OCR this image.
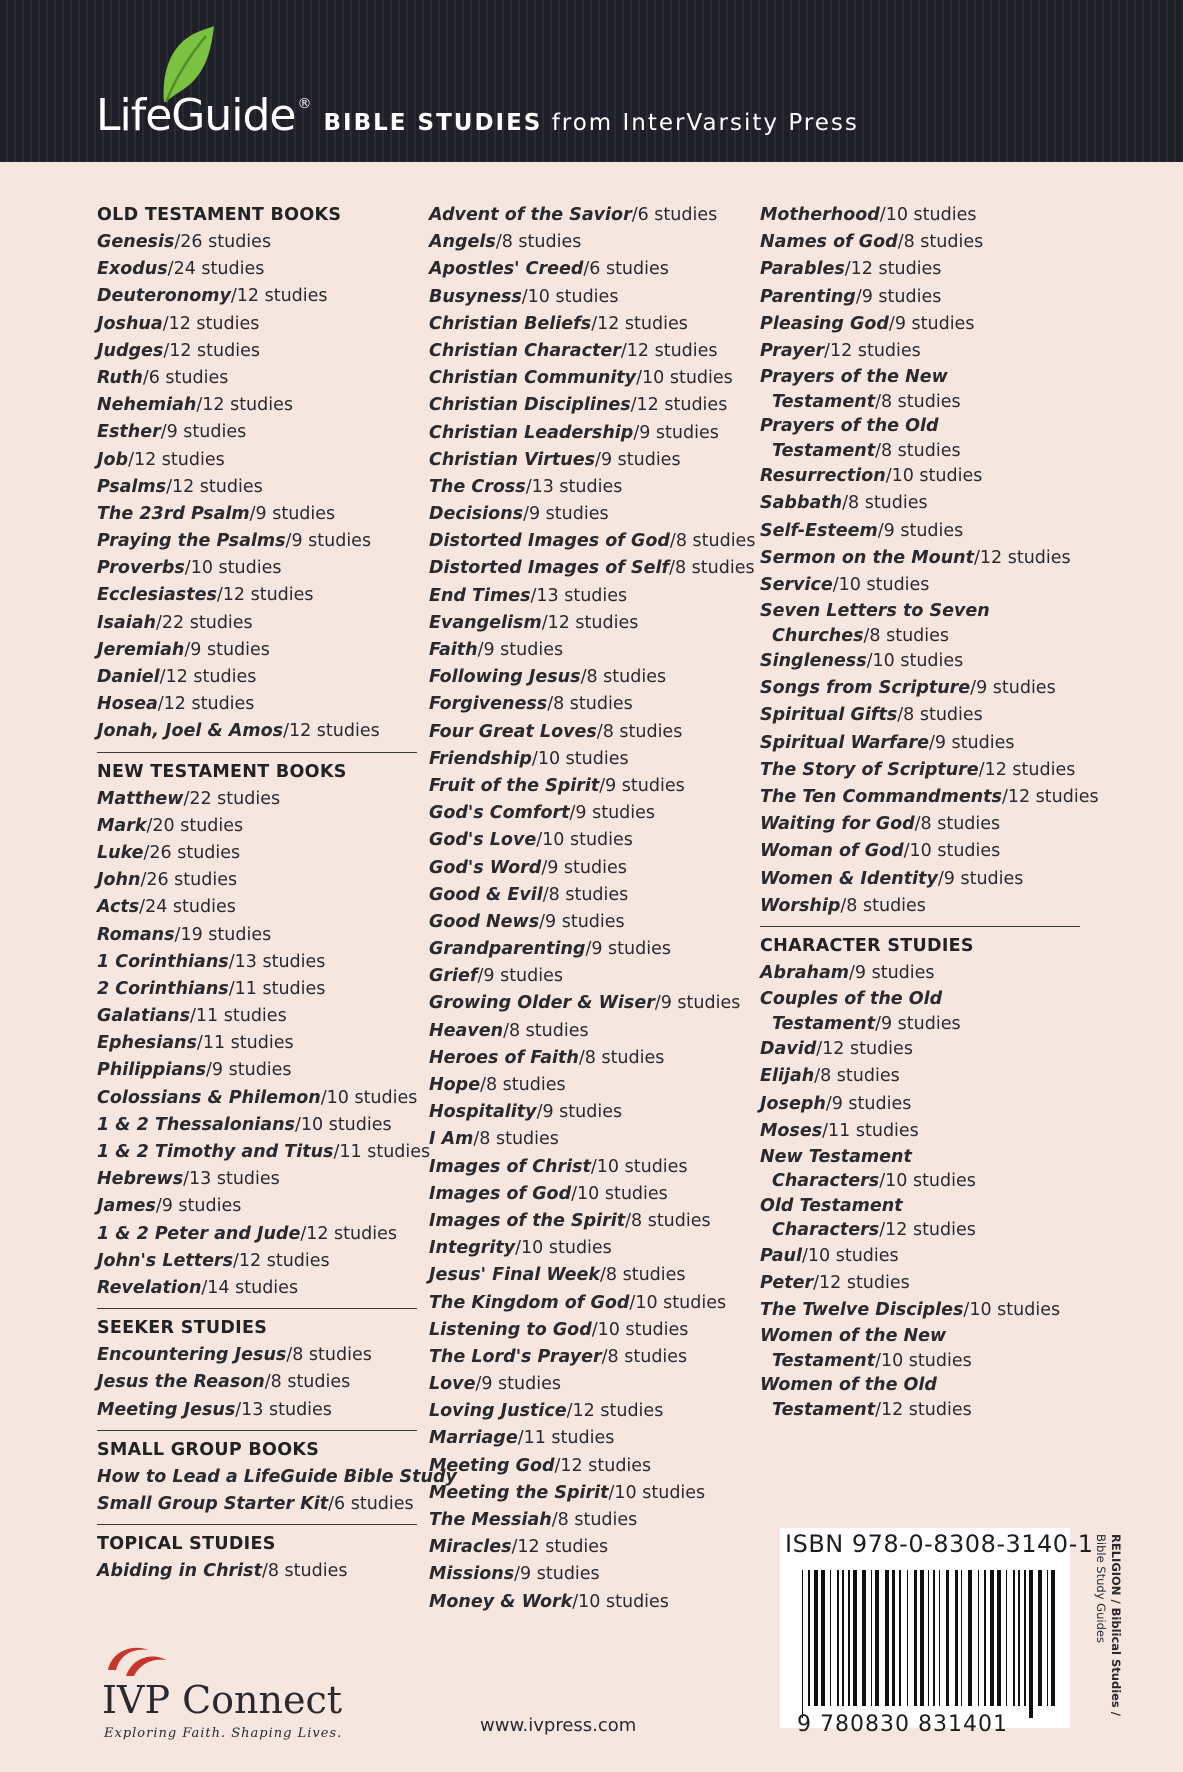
LifeGuide ®
BIBLE STUDIES from InterVarsity Press
OLD TESTAMENT BOOKS
Genesis/26 studies
Exodus/24 studies
Deuteronomy/12 studies
Joshua/12 studies
Judges/12 studies
Ruth/6 studies
Nehemiah/12 studies
Esther/9 studies
Job/12 studies
Psalms/12 studies
The 23rd Psalm/9 studies
Praying the Psalms/9 studies
Proverbs/10 studies
Ecclesiastes/12 studies
Isaiah/22 studies
Jeremiah/9 studies
Daniel/12 studies
Hosea/12 studies
Jonah, Joel & Amos/12 studies
NEW TESTAMENT BOOKS
Matthew/22 studies
Mark/20 studies
Luke/26 studies
John/26 studies
Acts/24 studies
Romans/19 studies
1 Corinthians/13 studies
2 Corinthians/11 studies
Galatians/11 studies
Ephesians/11 studies
Philippians/9 studies
Colossians & Philemon/10 studies
1 & 2 Thessalonians/10 studies
1 & 2 Timothy and Titus/11 studies
Hebrews/13 studies
James/9 studies
1 & 2 Peter and Jude/12 studies
John's Letters/12 studies
Revelation/14 studies
SEEKER STUDIES
Encountering Jesus/8 studies
Jesus the Reason/8 studies
Meeting Jesus/13 studies
SMALL GROUP BOOKS
How to Lead a LifeGuide Bible Study
Small Group Starter Kit/6 studies
TOPICAL STUDIES
Abiding in Christ/8 studies
Advent of the Savior/6 studies
Angels/8 studies
Apostles' Creed/6 studies
Busyness/10 studies
Christian Beliefs/12 studies
Christian Character/12 studies
Christian Community/10 studies
Christian Disciplines/12 studies
Christian Leadership/9 studies
Christian Virtues/9 studies
The Cross/13 studies
Decisions/9 studies
Distorted Images of God/8 studies
Distorted Images of Self/8 studies
End Times/13 studies
Evangelism/12 studies
Faith/9 studies
Following Jesus/8 studies
Forgiveness/8 studies
Four Great Loves/8 studies
Friendship/10 studies
Fruit of the Spirit/9 studies
God's Comfort/9 studies
God's Love/10 studies
God's Word/9 studies
Good & Evil/8 studies
Good News/9 studies
Grandparenting/9 studies
Grief/9 studies
Growing Older & Wiser/9 studies
Heaven/8 studies
Heroes of Faith/8 studies
Hope/8 studies
Hospitality/9 studies
I Am/8 studies
Images of Christ/10 studies
Images of God/10 studies
Images of the Spirit/8 studies
Integrity/10 studies
Jesus' Final Week/8 studies
The Kingdom of God/10 studies
Listening to God/10 studies
The Lord's Prayer/8 studies
Love/9 studies
Loving Justice/12 studies
Marriage/11 studies
Meeting God/12 studies
Meeting the Spirit/10 studies
The Messiah/8 studies
Miracles/12 studies
Missions/9 studies
Money & Work/10 studies
Motherhood/10 studies
Names of God/8 studies
Parables/12 studies
Parenting/9 studies
Pleasing God/9 studies
Prayer/12 studies
Prayers of the New
Testament/8 studies
Prayers of the Old
Testament/8 studies
Resurrection/10 studies
Sabbath/8 studies
Self-Esteem/9 studies
Sermon on the Mount/12 studies
Service/10 studies
Seven Letters to Seven
Churches/8 studies
Singleness/10 studies
Songs from Scripture/9 studies
Spiritual Gifts/8 studies
Spiritual Warfare/9 studies
The Story of Scripture/12 studies
The Ten Commandments/12 studies
Waiting for God/8 studies
Woman of God/10 studies
Women & Identity/9 studies
Worship/8 studies
CHARACTER STUDIES
Abraham/9 studies
Couples of the Old
Testament/9 studies
David/12 studies
Elijah/8 studies
Joseph/9 studies
Moses/11 studies
New Testament
Characters/10 studies
Old Testament
Characters/12 studies
Paul/10 studies
Peter/12 studies
The Twelve Disciples/10 studies
Women of the New
Testament/10 studies
Women of the Old
Testament/12 studies
IVP Connect
Exploring Faith. Shaping Lives.	www.ivpress.com
ISBN 978-0-8308-3140-1
9 780830 831401
RELIGION / Biblical Studies /
Bible Study Guides
